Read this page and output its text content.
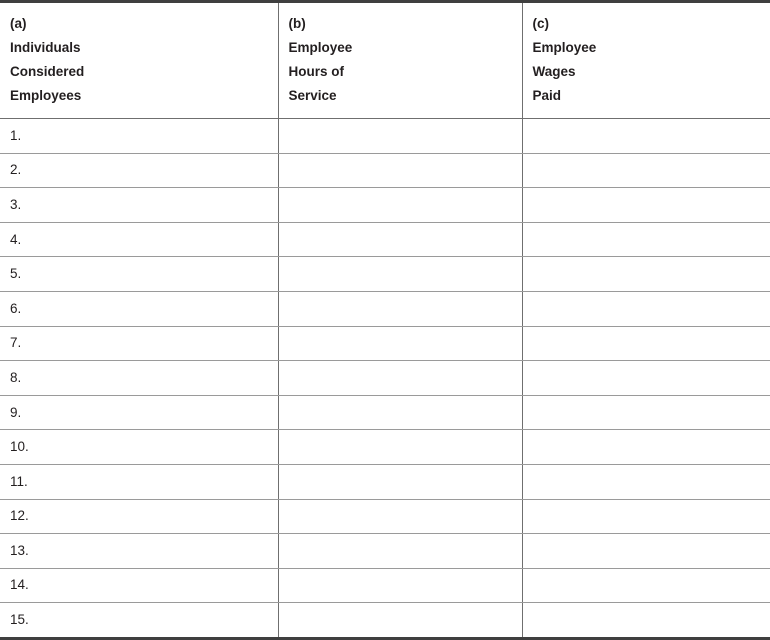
(a)
Individuals
Considered
Employees	(b)
Employee
Hours of
Service	(c)
Employee
Wages
Paid

1.		
2.		
3.		
4.		
5.		
6.		
7.		
8.		
9.		
10.		
11.		
12.		
13.		
14.		
15.		
